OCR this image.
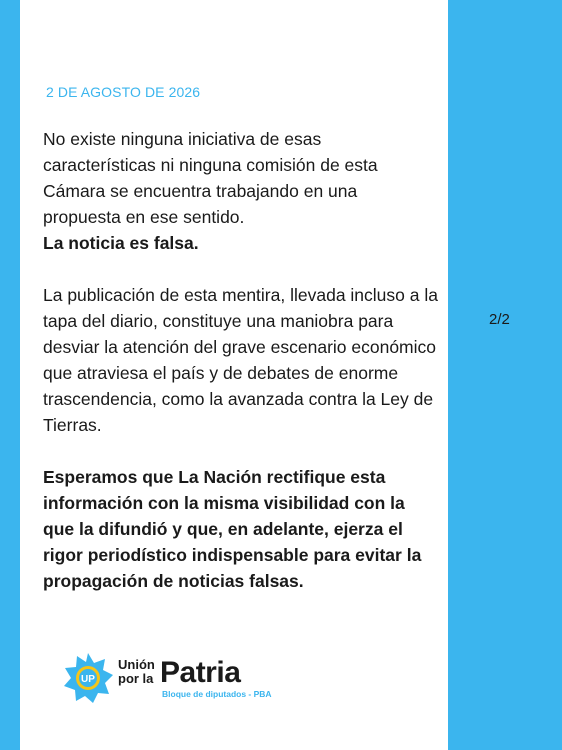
2 DE AGOSTO DE 2026

No existe ninguna iniciativa de esas características ni ninguna comisión de esta Cámara se encuentra trabajando en una propuesta en ese sentido.

La noticia es falsa.

La publicación de esta mentira, llevada incluso a la tapa del diario, constituye una maniobra para desviar la atención del grave escenario económico que atraviesa el país y de debates de enorme trascendencia, como la avanzada contra la Ley de Tierras.

Esperamos que La Nación rectifique esta información con la misma visibilidad con la que la difundió y que, en adelante, ejerza el rigor periodístico indispensable para evitar la propagación de noticias falsas.

UP
Unión
por la Patria
Bloque de diputados - PBA
2/2
